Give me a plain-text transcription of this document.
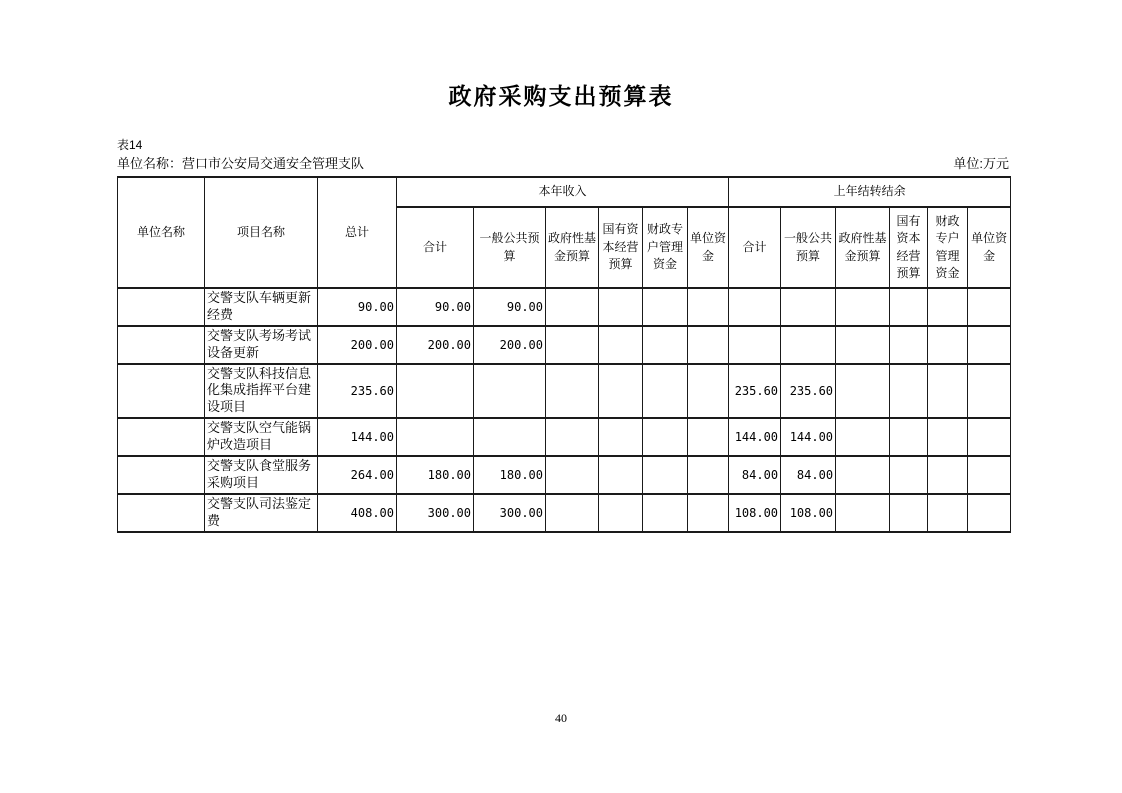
政府采购支出预算表
表14
单位名称：营口市公安局交通安全管理支队	单位:万元
单位名称	项目名称	总计	本年收入						上年结转结余					
			合计	一般公共预算	政府性基金预算	国有资本经营预算	财政专户管理资金	单位资金	合计	一般公共预算	政府性基金预算	国有资本经营预算	财政专户管理资金	单位资金
	交警支队车辆更新经费	90.00	90.00	90.00										
	交警支队考场考试设备更新	200.00	200.00	200.00										
	交警支队科技信息化集成指挥平台建设项目	235.60							235.60	235.60				
	交警支队空气能锅炉改造项目	144.00							144.00	144.00				
	交警支队食堂服务采购项目	264.00	180.00	180.00					84.00	84.00				
	交警支队司法鉴定费	408.00	300.00	300.00					108.00	108.00				
40
